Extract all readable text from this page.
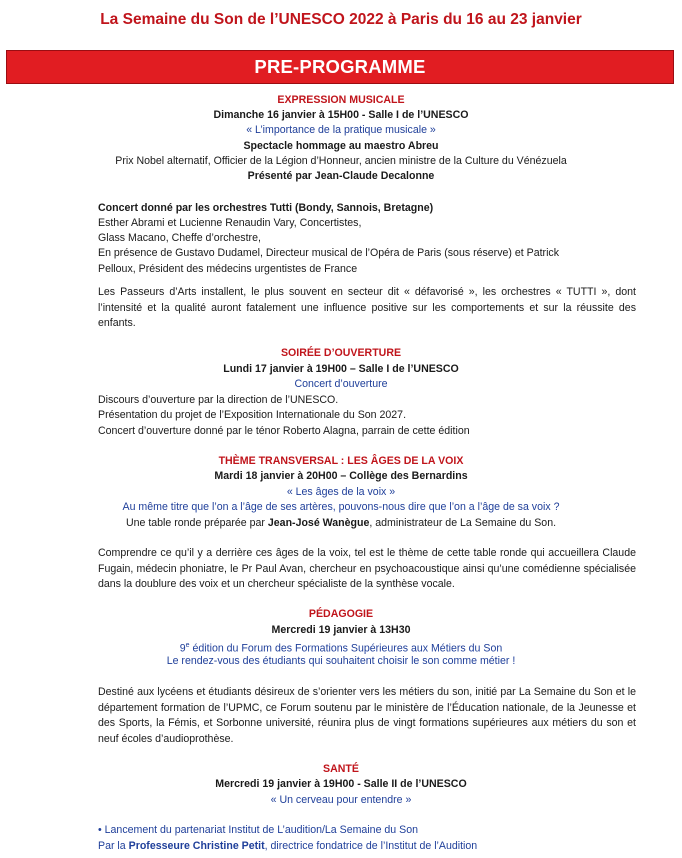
La Semaine du Son de l’UNESCO 2022 à Paris du 16 au 23 janvier
PRE-PROGRAMME
EXPRESSION MUSICALE
Dimanche 16 janvier à 15H00 - Salle I de l’UNESCO
« L’importance de la pratique musicale »
Spectacle hommage au maestro Abreu
Prix Nobel alternatif, Officier de la Légion d’Honneur, ancien ministre de la Culture du Vénézuela
Présenté par Jean-Claude Decalonne
Concert donné par les orchestres Tutti (Bondy, Sannois, Bretagne)
Esther Abrami et Lucienne Renaudin Vary, Concertistes,
Glass Macano, Cheffe d’orchestre,
En présence de Gustavo Dudamel, Directeur musical de l’Opéra de Paris (sous réserve) et Patrick
Pelloux, Président des médecins urgentistes de France
Les Passeurs d’Arts installent, le plus souvent en secteur dit « défavorisé », les orchestres « TUTTI », dont l’intensité et la qualité auront fatalement une influence positive sur les comportements et sur la réussite des enfants.
SOIRÉE D’OUVERTURE
Lundi 17 janvier à 19H00 – Salle I de l’UNESCO
Concert d’ouverture
Discours d’ouverture par la direction de l’UNESCO.
Présentation du projet de l’Exposition Internationale du Son 2027.
Concert d’ouverture donné par le ténor Roberto Alagna, parrain de cette édition
THÈME TRANSVERSAL : LES ÂGES DE LA VOIX
Mardi 18 janvier à 20H00 – Collège des Bernardins
« Les âges de la voix »
Au même titre que l’on a l’âge de ses artères, pouvons-nous dire que l’on a l’âge de sa voix ?
Une table ronde préparée par Jean-José Wanègue, administrateur de La Semaine du Son.
Comprendre ce qu’il y a derrière ces âges de la voix, tel est le thème de cette table ronde qui accueillera Claude Fugain, médecin phoniatre, le Pr Paul Avan, chercheur en psychoacoustique ainsi qu’une comédienne spécialisée dans la doublure des voix et un chercheur spécialiste de la synthèse vocale.
PÉDAGOGIE
Mercredi 19 janvier à 13H30
9e édition du Forum des Formations Supérieures aux Métiers du Son
Le rendez-vous des étudiants qui souhaitent choisir le son comme métier !
Destiné aux lycéens et étudiants désireux de s’orienter vers les métiers du son, initié par La Semaine du Son et le département formation de l’UPMC, ce Forum soutenu par le ministère de l’Éducation nationale, de la Jeunesse et des Sports, la Fémis, et Sorbonne université, réunira plus de vingt formations supérieures aux métiers du son et neuf écoles d’audioprothèse.
SANTÉ
Mercredi 19 janvier à 19H00 - Salle II de l’UNESCO
« Un cerveau pour entendre »
• Lancement du partenariat Institut de L’audition/La Semaine du Son
Par la Professeure Christine Petit, directrice fondatrice de l’Institut de l’Audition
